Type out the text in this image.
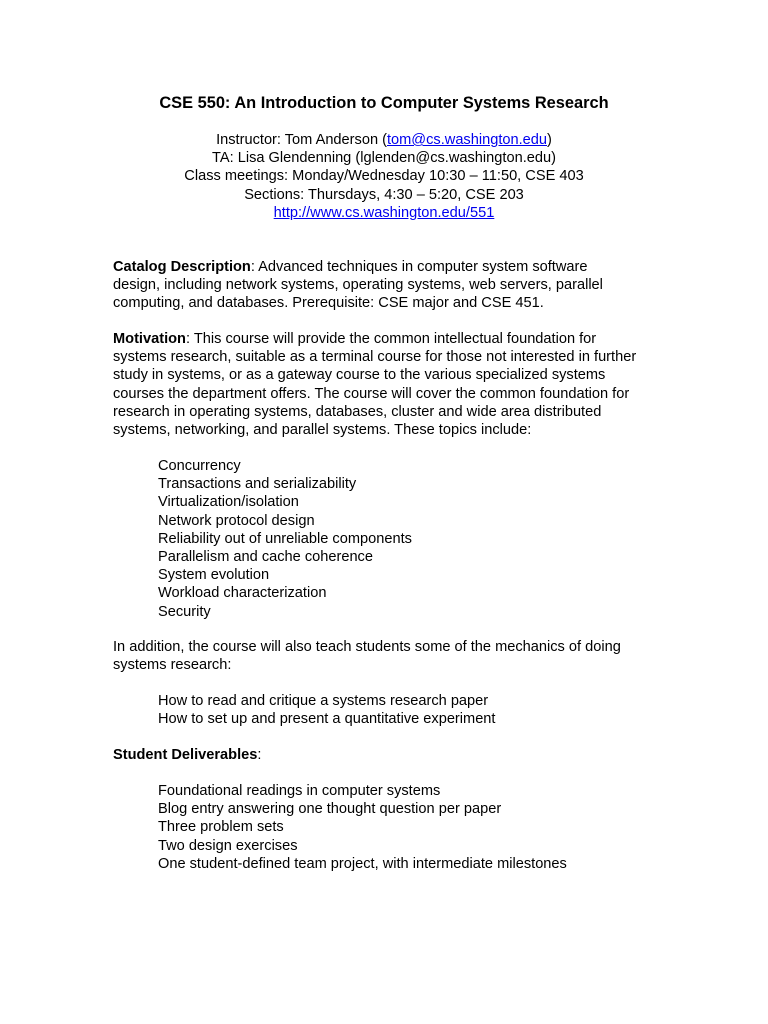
CSE 550: An Introduction to Computer Systems Research
Instructor: Tom Anderson (tom@cs.washington.edu)
TA: Lisa Glendenning (lglenden@cs.washington.edu)
Class meetings: Monday/Wednesday 10:30 – 11:50, CSE 403
Sections: Thursdays, 4:30 – 5:20, CSE 203
http://www.cs.washington.edu/551
Catalog Description: Advanced techniques in computer system software
design, including network systems, operating systems, web servers, parallel
computing, and databases. Prerequisite: CSE major and CSE 451.
Motivation: This course will provide the common intellectual foundation for
systems research, suitable as a terminal course for those not interested in further
study in systems, or as a gateway course to the various specialized systems
courses the department offers. The course will cover the common foundation for
research in operating systems, databases, cluster and wide area distributed
systems, networking, and parallel systems. These topics include:
Concurrency
Transactions and serializability
Virtualization/isolation
Network protocol design
Reliability out of unreliable components
Parallelism and cache coherence
System evolution
Workload characterization
Security
In addition, the course will also teach students some of the mechanics of doing
systems research:
How to read and critique a systems research paper
How to set up and present a quantitative experiment
Student Deliverables:
Foundational readings in computer systems
Blog entry answering one thought question per paper
Three problem sets
Two design exercises
One student-defined team project, with intermediate milestones
